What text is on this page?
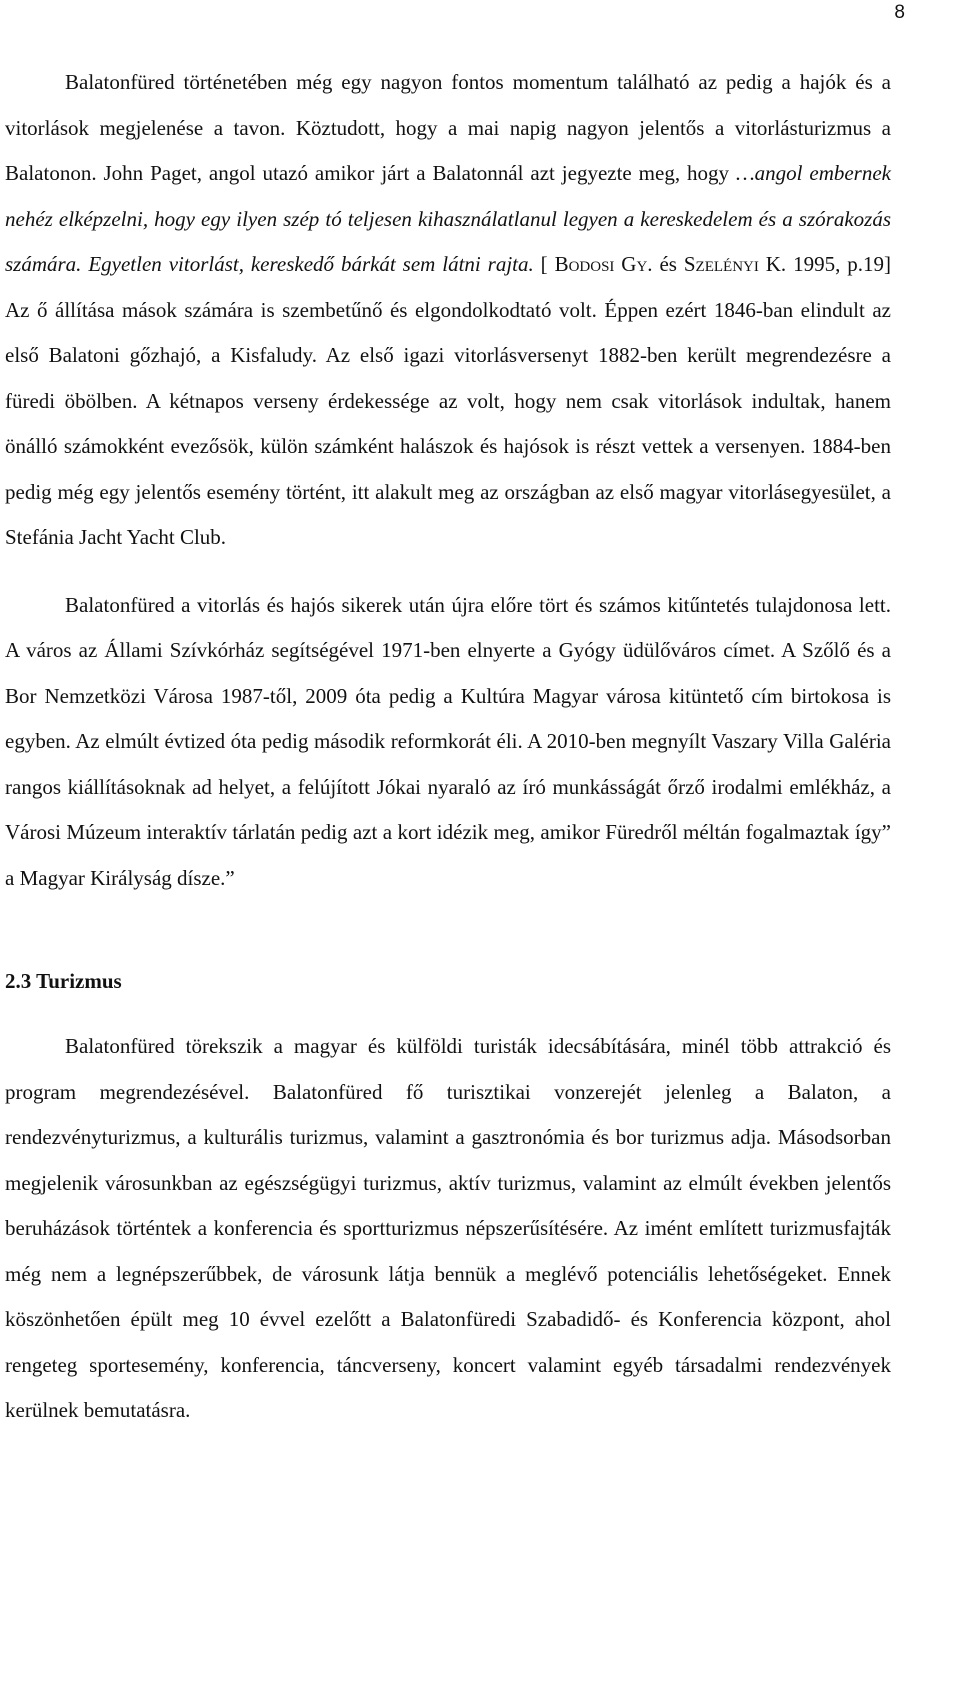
8

Balatonfüred történetében még egy nagyon fontos momentum található az pedig a hajók és a vitorlások megjelenése a tavon. Köztudott, hogy a mai napig nagyon jelentős a vitorlásturizmus a Balatonon. John Paget, angol utazó amikor járt a Balatonnál azt jegyezte meg, hogy …angol embernek nehéz elképzelni, hogy egy ilyen szép tó teljesen kihasználatlanul legyen a kereskedelem és a szórakozás számára. Egyetlen vitorlást, kereskedő bárkát sem látni rajta. [ Bodosi Gy. és Szelényi K. 1995, p.19] Az ő állítása mások számára is szembetűnő és elgondolkodtató volt. Éppen ezért 1846-ban elindult az első Balatoni gőzhajó, a Kisfaludy. Az első igazi vitorlásversenyt 1882-ben került megrendezésre a füredi öbölben. A kétnapos verseny érdekessége az volt, hogy nem csak vitorlások indultak, hanem önálló számokként evezősök, külön számként halászok és hajósok is részt vettek a versenyen. 1884-ben pedig még egy jelentős esemény történt, itt alakult meg az országban az első magyar vitorlásegyesület, a Stefánia Jacht Yacht Club.

Balatonfüred a vitorlás és hajós sikerek után újra előre tört és számos kitűntetés tulajdonosa lett. A város az Állami Szívkórház segítségével 1971-ben elnyerte a Gyógy üdülőváros címet. A Szőlő és a Bor Nemzetközi Városa 1987-től, 2009 óta pedig a Kultúra Magyar városa kitüntető cím birtokosa is egyben. Az elmúlt évtized óta pedig második reformkorát éli. A 2010-ben megnyílt Vaszary Villa Galéria rangos kiállításoknak ad helyet, a felújított Jókai nyaraló az író munkásságát őrző irodalmi emlékház, a Városi Múzeum interaktív tárlatán pedig azt a kort idézik meg, amikor Füredről méltán fogalmaztak így” a Magyar Királyság dísze.”

2.3 Turizmus

Balatonfüred törekszik a magyar és külföldi turisták idecsábítására, minél több attrakció és program megrendezésével. Balatonfüred fő turisztikai vonzerejét jelenleg a Balaton, a rendezvényturizmus, a kulturális turizmus, valamint a gasztronómia és bor turizmus adja. Másodsorban megjelenik városunkban az egészségügyi turizmus, aktív turizmus, valamint az elmúlt években jelentős beruházások történtek a konferencia és sportturizmus népszerűsítésére. Az imént említett turizmusfajták még nem a legnépszerűbbek, de városunk látja bennük a meglévő potenciális lehetőségeket. Ennek köszönhetően épült meg 10 évvel ezelőtt a Balatonfüredi Szabadidő- és Konferencia központ, ahol rengeteg sportesemény, konferencia, táncverseny, koncert valamint egyéb társadalmi rendezvények kerülnek bemutatásra.
